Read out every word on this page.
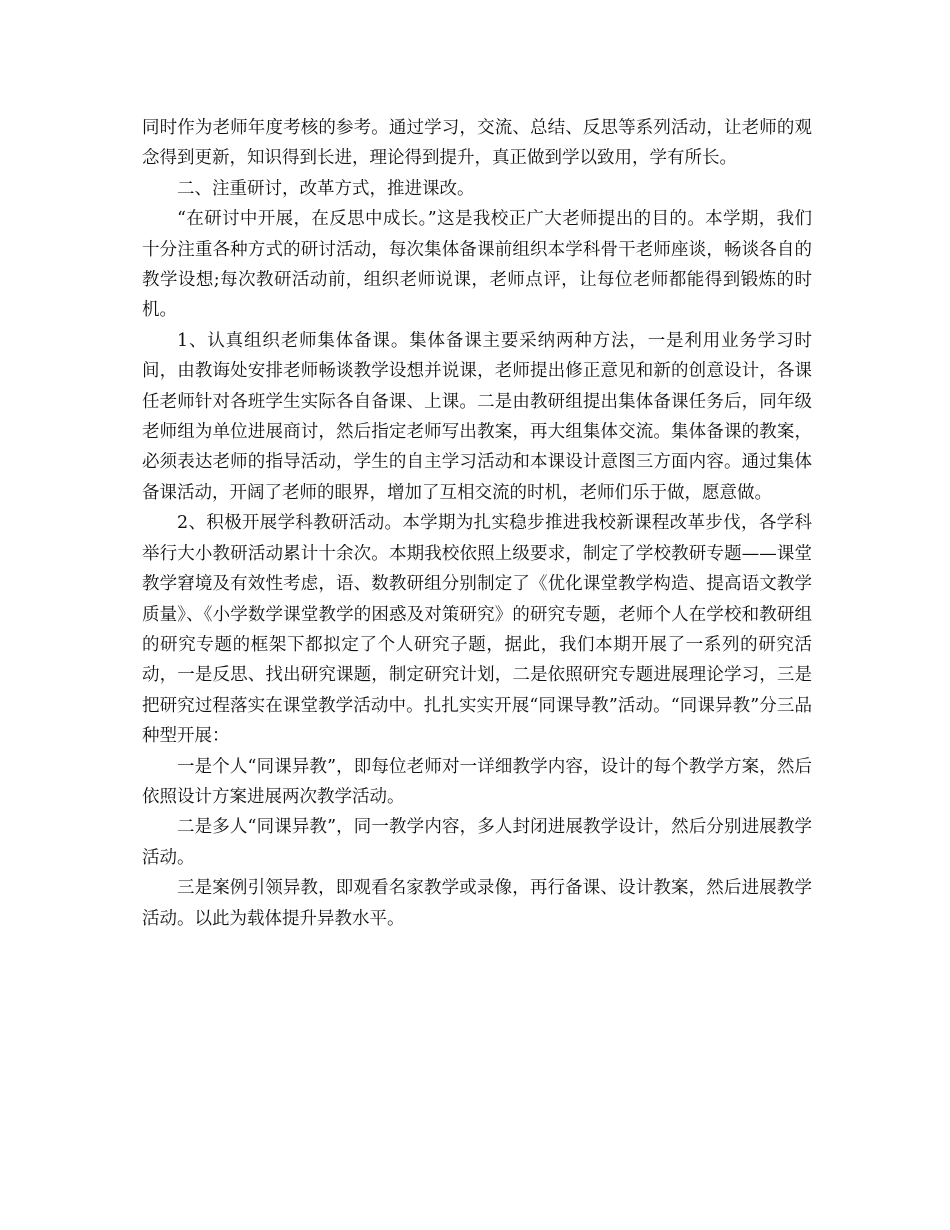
同时作为老师年度考核的参考。通过学习，交流、总结、反思等系列活动，让老师的观念得到更新，知识得到长进，理论得到提升，真正做到学以致用，学有所长。

二、注重研讨，改革方式，推进课改。

“在研讨中开展，在反思中成长。”这是我校正广大老师提出的目的。本学期，我们十分注重各种方式的研讨活动，每次集体备课前组织本学科骨干老师座谈，畅谈各自的教学设想;每次教研活动前，组织老师说课，老师点评，让每位老师都能得到锻炼的时机。

1、认真组织老师集体备课。集体备课主要采纳两种方法，一是利用业务学习时间，由教诲处安排老师畅谈教学设想并说课，老师提出修正意见和新的创意设计，各课任老师针对各班学生实际各自备课、上课。二是由教研组提出集体备课任务后，同年级老师组为单位进展商讨，然后指定老师写出教案，再大组集体交流。集体备课的教案，必须表达老师的指导活动，学生的自主学习活动和本课设计意图三方面内容。通过集体备课活动，开阔了老师的眼界，增加了互相交流的时机，老师们乐于做，愿意做。

2、积极开展学科教研活动。本学期为扎实稳步推进我校新课程改革步伐，各学科举行大小教研活动累计十余次。本期我校依照上级要求，制定了学校教研专题——课堂教学窘境及有效性考虑，语、数教研组分别制定了《优化课堂教学构造、提高语文教学质量》、《小学数学课堂教学的困惑及对策研究》的研究专题，老师个人在学校和教研组的研究专题的框架下都拟定了个人研究子题，据此，我们本期开展了一系列的研究活动，一是反思、找出研究课题，制定研究计划，二是依照研究专题进展理论学习，三是把研究过程落实在课堂教学活动中。扎扎实实开展“同课导教”活动。“同课异教”分三品种型开展：

一是个人“同课异教”，即每位老师对一详细教学内容，设计的每个教学方案，然后依照设计方案进展两次教学活动。

二是多人“同课异教”，同一教学内容，多人封闭进展教学设计，然后分别进展教学活动。

三是案例引领异教，即观看名家教学或录像，再行备课、设计教案，然后进展教学活动。以此为载体提升异教水平。
